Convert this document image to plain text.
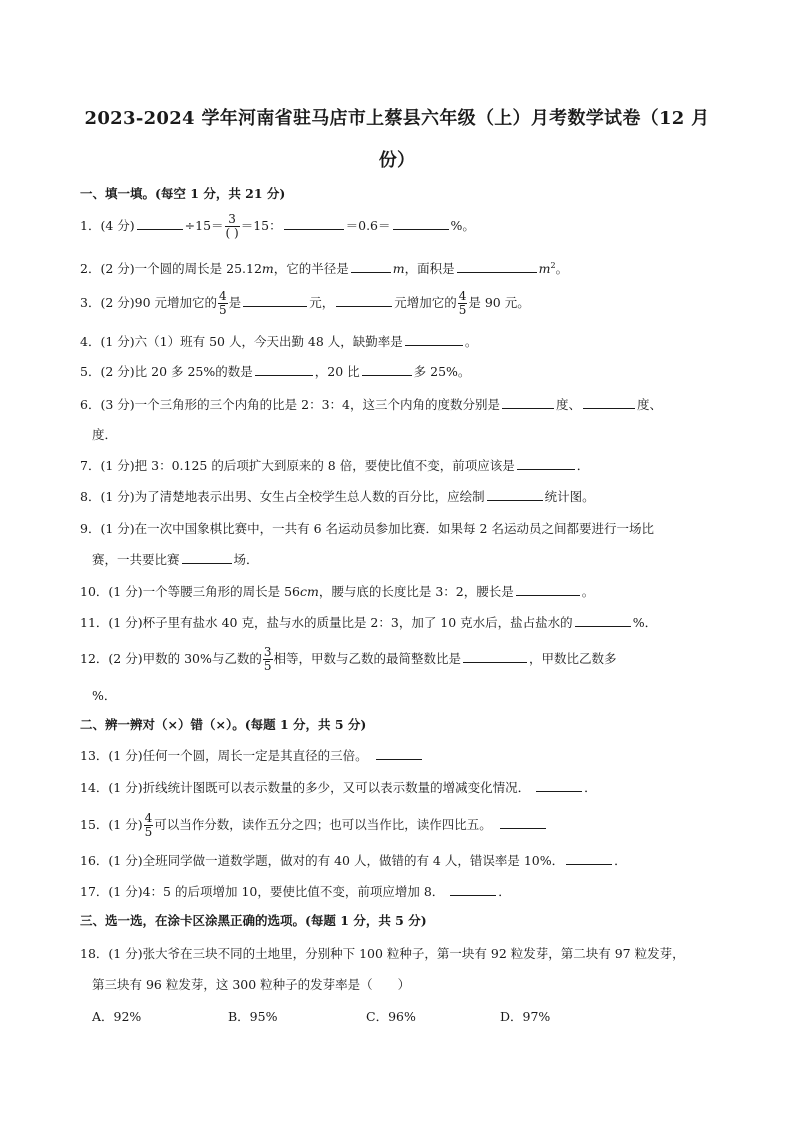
2023-2024 学年河南省驻马店市上蔡县六年级（上）月考数学试卷（12 月
份）
一、填一填。(每空 1 分，共 21 分)
1．(4 分)	$\div 15= \frac{3}{( )} =15$：	＝0.6＝	%。
2．(2 分)一个圆的周长是 25.12m，它的半径是	m，面积是	$m^2$。
3．(2 分)90 元增加它的 $\frac{4}{5}$ 是	元，	元增加它的 $\frac{4}{5}$ 是 90 元。
4．(1 分)六（1）班有 50 人，今天出勤 48 人，缺勤率是	。
5．(2 分)比 20 多 25%的数是	，20 比	多 25%。
6．(3 分)一个三角形的三个内角的比是 2：3：4，这三个内角的度数分别是	度、	度、
度．
7．(1 分)把 3：0.125 的后项扩大到原来的 8 倍，要使比值不变，前项应该是	．
8．(1 分)为了清楚地表示出男、女生占全校学生总人数的百分比，应绘制	统计图。
9．(1 分)在一次中国象棋比赛中，一共有 6 名运动员参加比赛．如果每 2 名运动员之间都要进行一场比
赛，一共要比赛	场．
10．(1 分)一个等腰三角形的周长是 56cm，腰与底的长度比是 3：2，腰长是	。
11．(1 分)杯子里有盐水 40 克，盐与水的质量比是 2：3，加了 10 克水后，盐占盐水的	%．
12．(2 分)甲数的 30%与乙数的 $\frac{3}{5}$ 相等，甲数与乙数的最简整数比是	，甲数比乙数多
%．
二、辨一辨对（×）错（×）。(每题 1 分，共 5 分)
13．(1 分)任何一个圆，周长一定是其直径的三倍。
14．(1 分)折线统计图既可以表示数量的多少，又可以表示数量的增减变化情况．	．
15．(1 分) $\frac{4}{5}$ 可以当作分数，读作五分之四；也可以当作比，读作四比五。
16．(1 分)全班同学做一道数学题，做对的有 40 人，做错的有 4 人，错误率是 10%．	．
17．(1 分)4：5 的后项增加 10，要使比值不变，前项应增加 8．	．
三、选一选，在涂卡区涂黑正确的选项。(每题 1 分，共 5 分)
18．(1 分)张大爷在三块不同的土地里，分别种下 100 粒种子，第一块有 92 粒发芽，第二块有 97 粒发芽，
第三块有 96 粒发芽，这 300 粒种子的发芽率是（　　）
A．92%	B．95%	C．96%	D．97%
